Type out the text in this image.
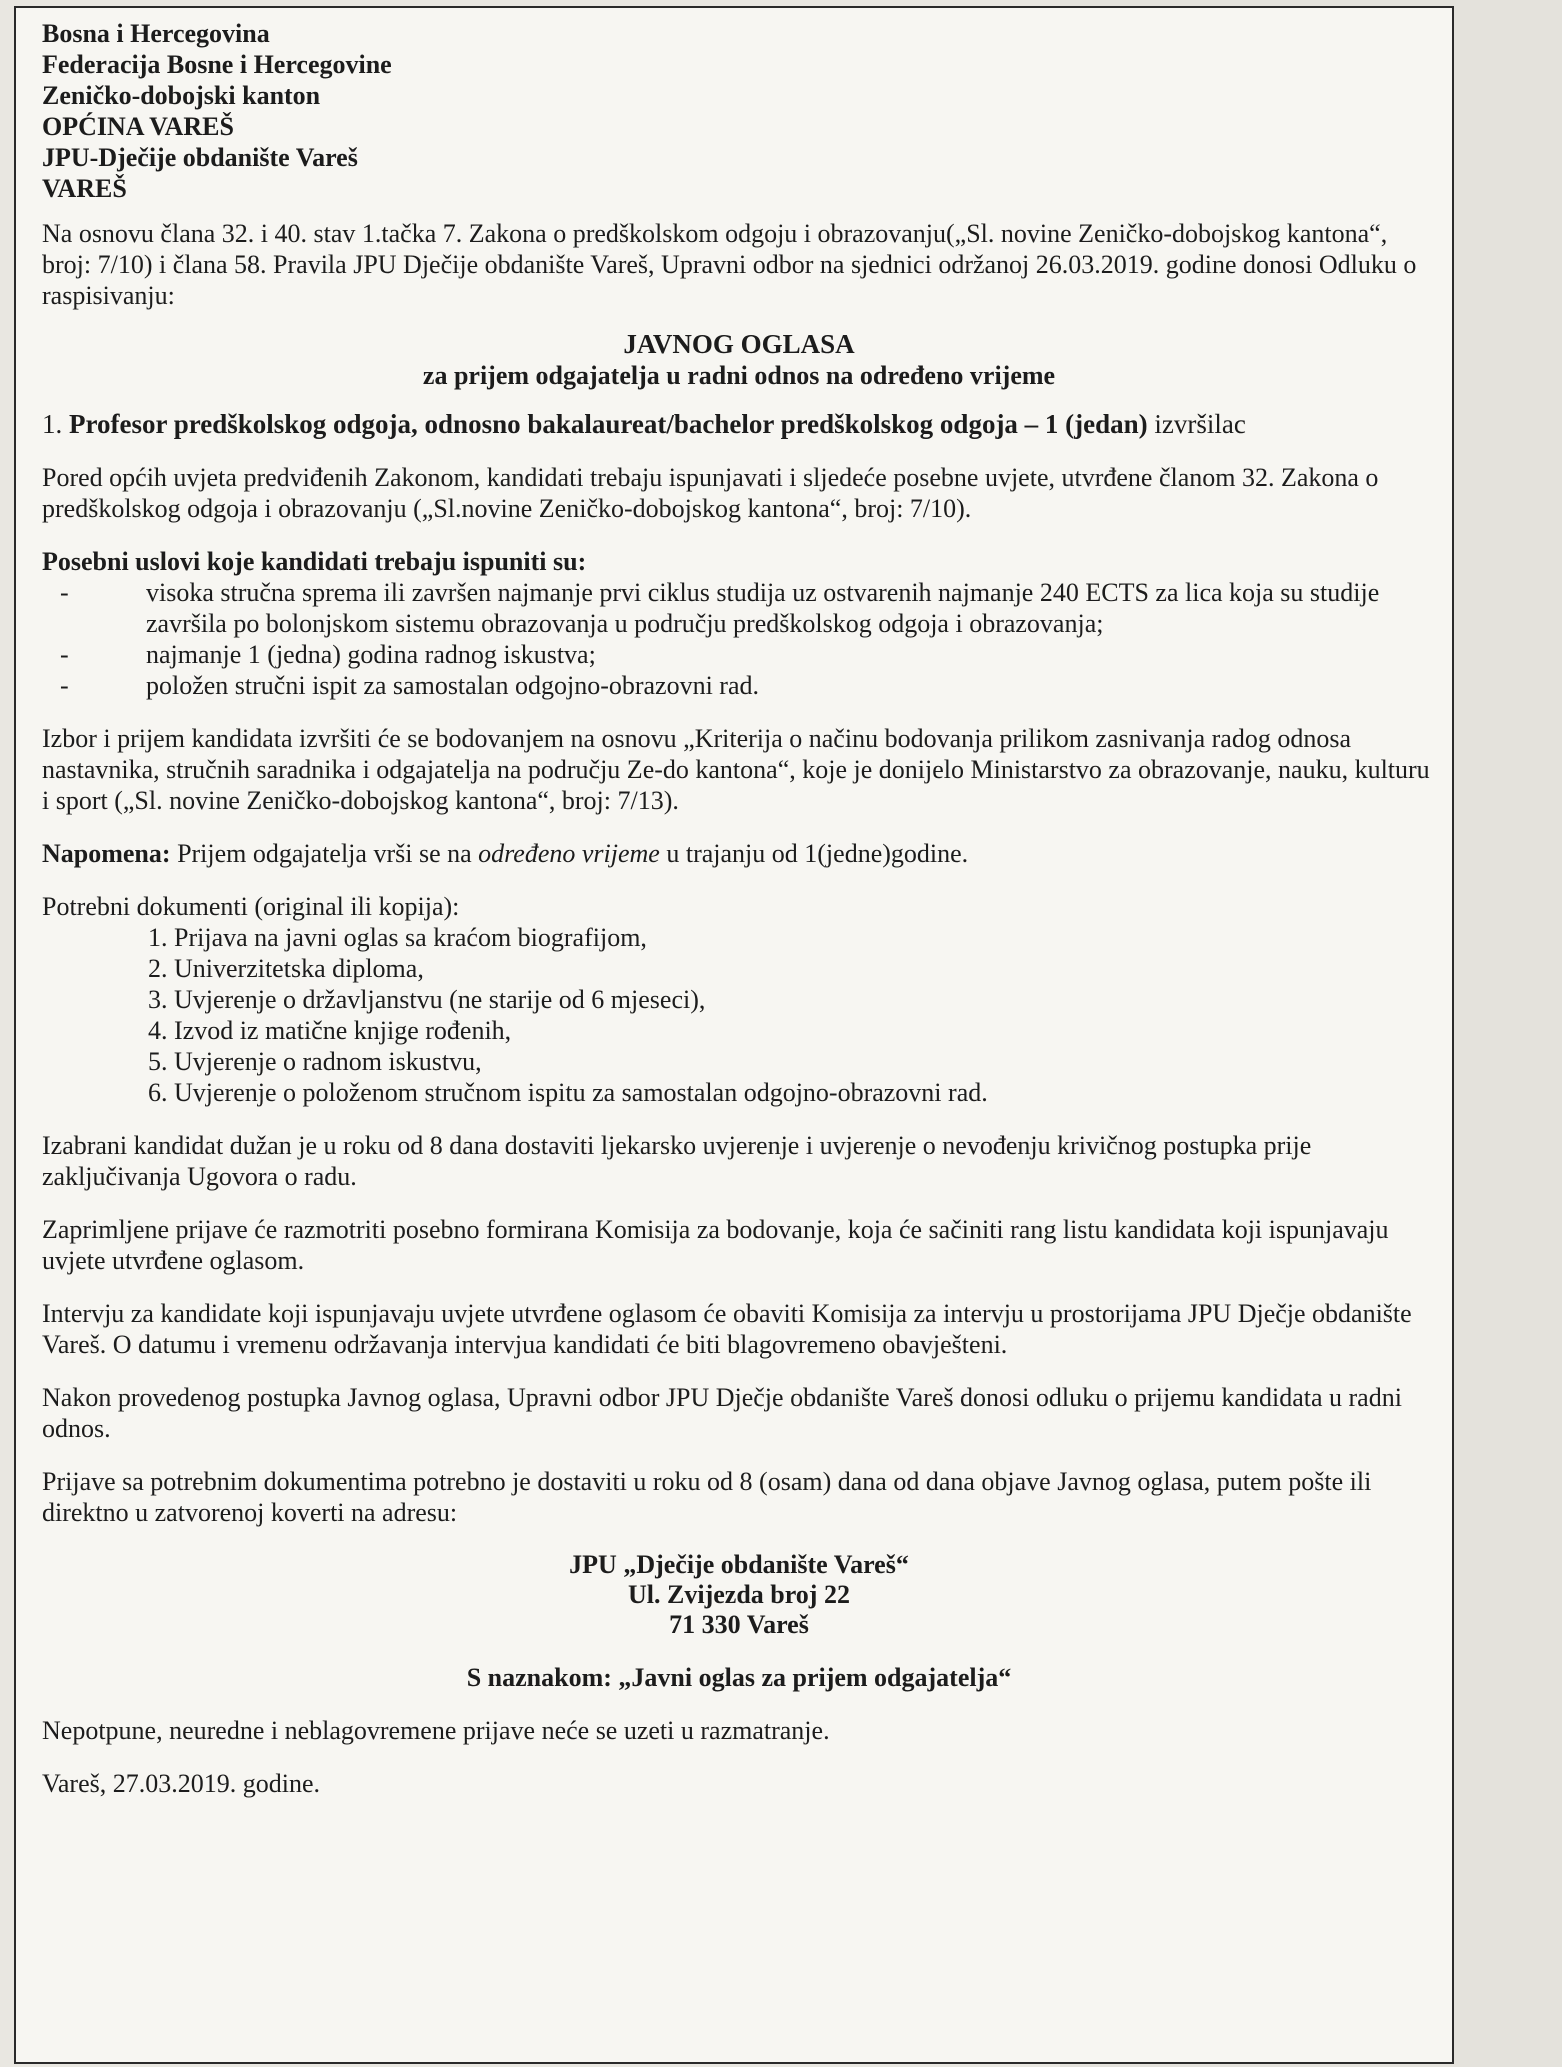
Bosna i Hercegovina
Federacija Bosne i Hercegovine
Zeničko-dobojski kanton
OPĆINA VAREŠ
JPU-Dječije obdanište Vareš
VAREŠ

Na osnovu člana 32. i 40. stav 1.tačka 7. Zakona o predškolskom odgoju i obrazovanju(„Sl. novine Zeničko-dobojskog kantona“, broj: 7/10) i člana 58. Pravila JPU Dječije obdanište Vareš, Upravni odbor na sjednici održanoj 26.03.2019. godine donosi Odluku o raspisivanju:

JAVNOG OGLASA
za prijem odgajatelja u radni odnos na određeno vrijeme

1. Profesor predškolskog odgoja, odnosno bakalaureat/bachelor predškolskog odgoja – 1 (jedan) izvršilac

Pored općih uvjeta predviđenih Zakonom, kandidati trebaju ispunjavati i sljedeće posebne uvjete, utvrđene članom 32. Zakona o predškolskog odgoja i obrazovanju („Sl.novine Zeničko-dobojskog kantona“, broj: 7/10).

Posebni uslovi koje kandidati trebaju ispuniti su:
- visoka stručna sprema ili završen najmanje prvi ciklus studija uz ostvarenih najmanje 240 ECTS za lica koja su studije završila po bolonjskom sistemu obrazovanja u području predškolskog odgoja i obrazovanja;
- najmanje 1 (jedna) godina radnog iskustva;
- položen stručni ispit za samostalan odgojno-obrazovni rad.

Izbor i prijem kandidata izvršiti će se bodovanjem na osnovu „Kriterija o načinu bodovanja prilikom zasnivanja radog odnosa nastavnika, stručnih saradnika i odgajatelja na području Ze-do kantona“, koje je donijelo Ministarstvo za obrazovanje, nauku, kulturu i sport („Sl. novine Zeničko-dobojskog kantona“, broj: 7/13).

Napomena: Prijem odgajatelja vrši se na određeno vrijeme u trajanju od 1(jedne)godine.

Potrebni dokumenti (original ili kopija):
1. Prijava na javni oglas sa kraćom biografijom,
2. Univerzitetska diploma,
3. Uvjerenje o državljanstvu (ne starije od 6 mjeseci),
4. Izvod iz matične knjige rođenih,
5. Uvjerenje o radnom iskustvu,
6. Uvjerenje o položenom stručnom ispitu za samostalan odgojno-obrazovni rad.

Izabrani kandidat dužan je u roku od 8 dana dostaviti ljekarsko uvjerenje i uvjerenje o nevođenju krivičnog postupka prije zaključivanja Ugovora o radu.

Zaprimljene prijave će razmotriti posebno formirana Komisija za bodovanje, koja će sačiniti rang listu kandidata koji ispunjavaju uvjete utvrđene oglasom.

Intervju za kandidate koji ispunjavaju uvjete utvrđene oglasom će obaviti Komisija za intervju u prostorijama JPU Dječje obdanište Vareš. O datumu i vremenu održavanja intervjua kandidati će biti blagovremeno obavješteni.

Nakon provedenog postupka Javnog oglasa, Upravni odbor JPU Dječje obdanište Vareš donosi odluku o prijemu kandidata u radni odnos.

Prijave sa potrebnim dokumentima potrebno je dostaviti u roku od 8 (osam) dana od dana objave Javnog oglasa, putem pošte ili direktno u zatvorenoj koverti na adresu:

JPU „Dječije obdanište Vareš“
Ul. Zvijezda broj 22
71 330 Vareš
S naznakom: „Javni oglas za prijem odgajatelja“

Nepotpune, neuredne i neblagovremene prijave neće se uzeti u razmatranje.

Vareš, 27.03.2019. godine.
